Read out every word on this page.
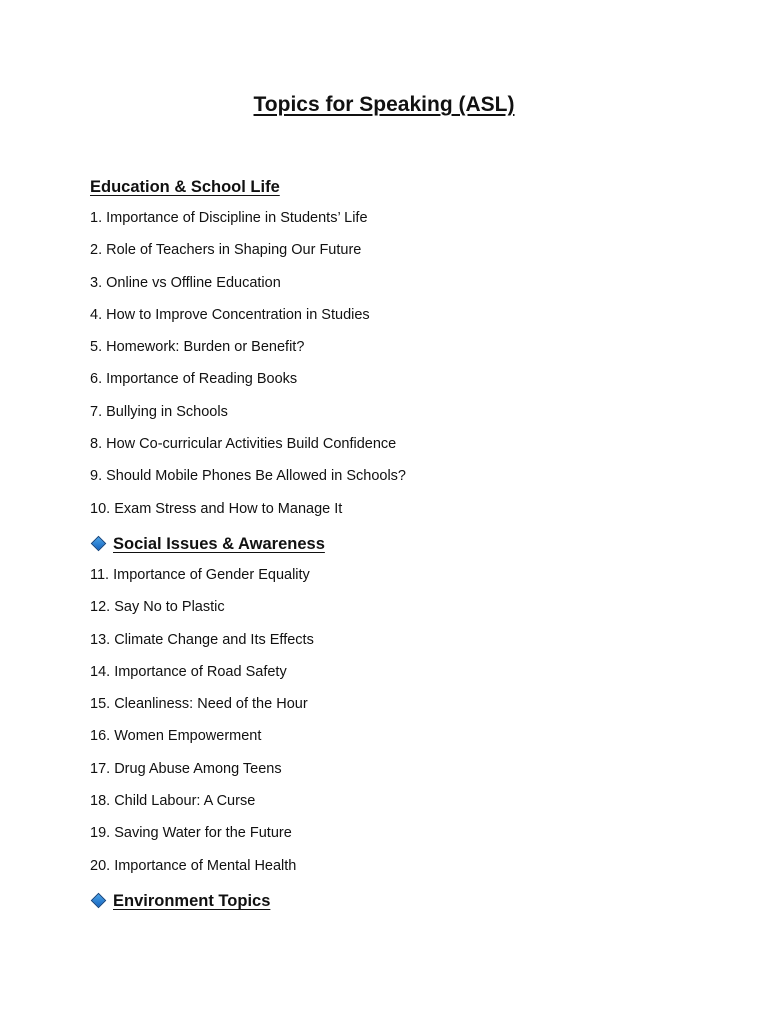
Topics for Speaking (ASL)
Education & School Life
1. Importance of Discipline in Students’ Life
2. Role of Teachers in Shaping Our Future
3. Online vs Offline Education
4. How to Improve Concentration in Studies
5. Homework: Burden or Benefit?
6. Importance of Reading Books
7. Bullying in Schools
8. How Co-curricular Activities Build Confidence
9. Should Mobile Phones Be Allowed in Schools?
10. Exam Stress and How to Manage It
Social Issues & Awareness
11. Importance of Gender Equality
12. Say No to Plastic
13. Climate Change and Its Effects
14. Importance of Road Safety
15. Cleanliness: Need of the Hour
16. Women Empowerment
17. Drug Abuse Among Teens
18. Child Labour: A Curse
19. Saving Water for the Future
20. Importance of Mental Health
Environment Topics
